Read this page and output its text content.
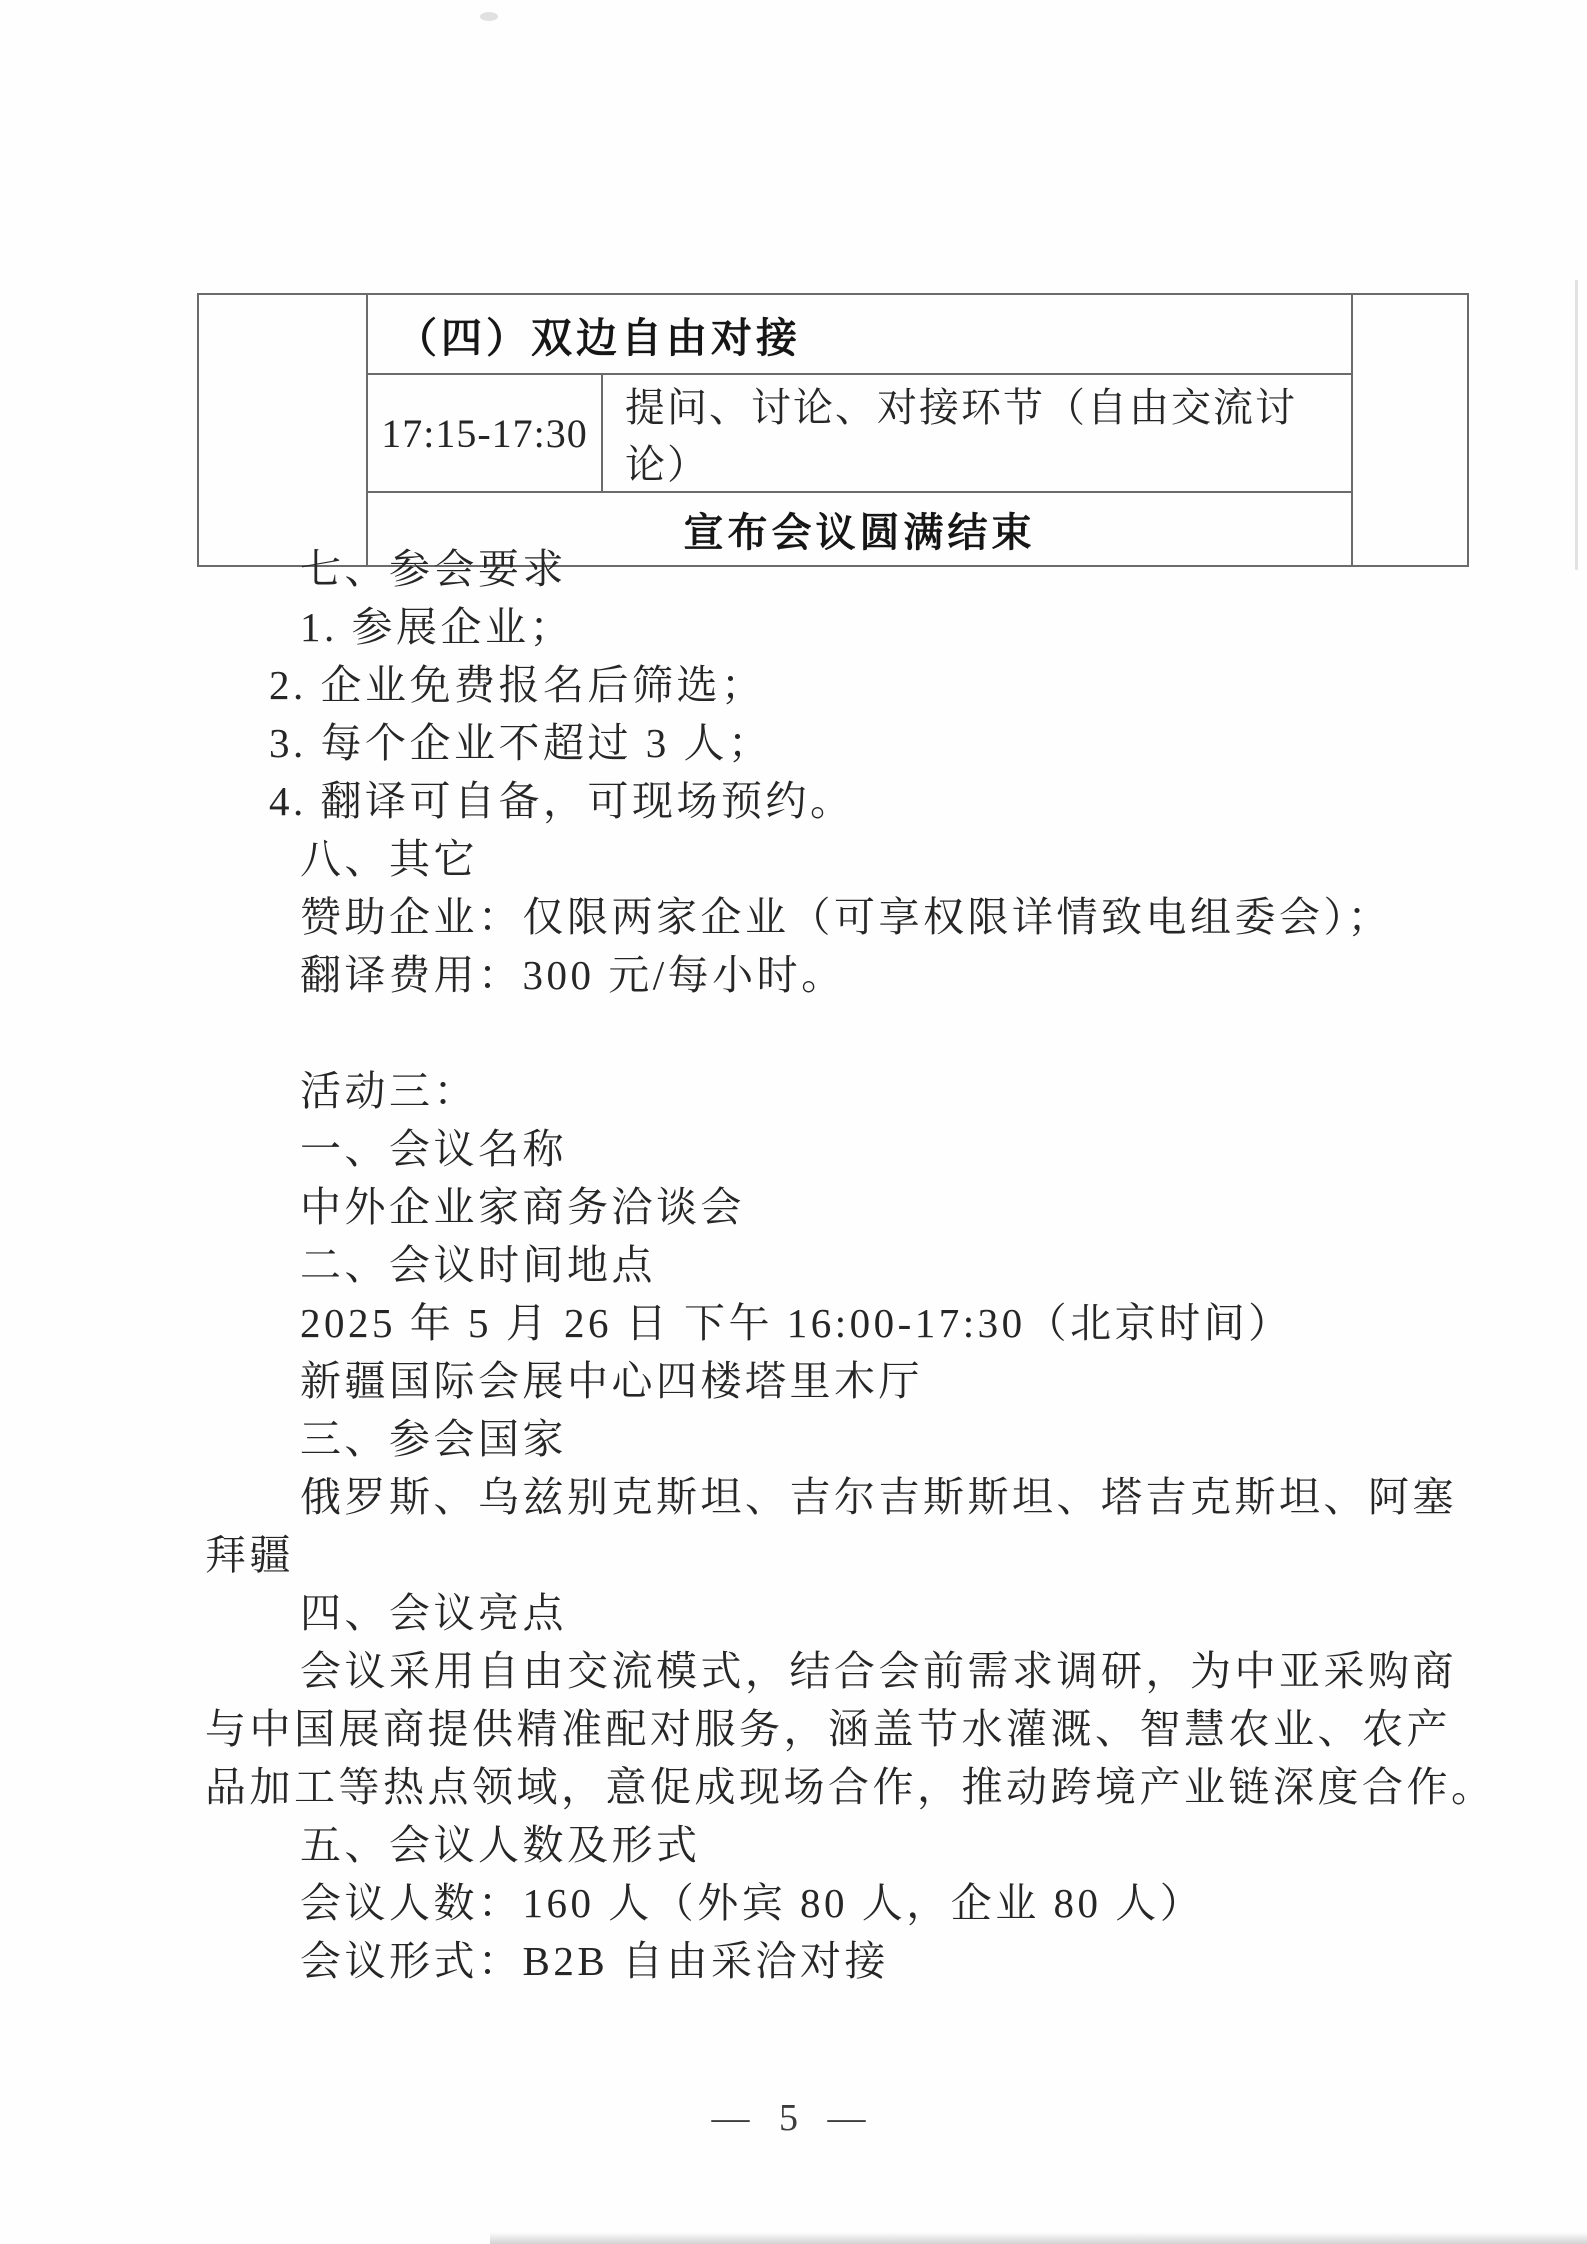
	（四）双边自由对接		
	17:15-17:30	提问、讨论、对接环节（自由交流讨论）	
	宣布会议圆满结束		

七、参会要求

1. 参展企业；

2. 企业免费报名后筛选；

3. 每个企业不超过 3 人；

4. 翻译可自备，可现场预约。

八、其它

赞助企业：仅限两家企业（可享权限详情致电组委会）；

翻译费用：300 元/每小时。

活动三：

一、会议名称

中外企业家商务洽谈会

二、会议时间地点

2025 年 5 月 26 日 下午 16:00-17:30（北京时间）

新疆国际会展中心四楼塔里木厅

三、参会国家

俄罗斯、乌兹别克斯坦、吉尔吉斯斯坦、塔吉克斯坦、阿塞

拜疆

四、会议亮点

会议采用自由交流模式，结合会前需求调研，为中亚采购商

与中国展商提供精准配对服务，涵盖节水灌溉、智慧农业、农产

品加工等热点领域，意促成现场合作，推动跨境产业链深度合作。

五、会议人数及形式

会议人数：160 人（外宾 80 人，企业 80 人）

会议形式：B2B 自由采洽对接

— 5 —
